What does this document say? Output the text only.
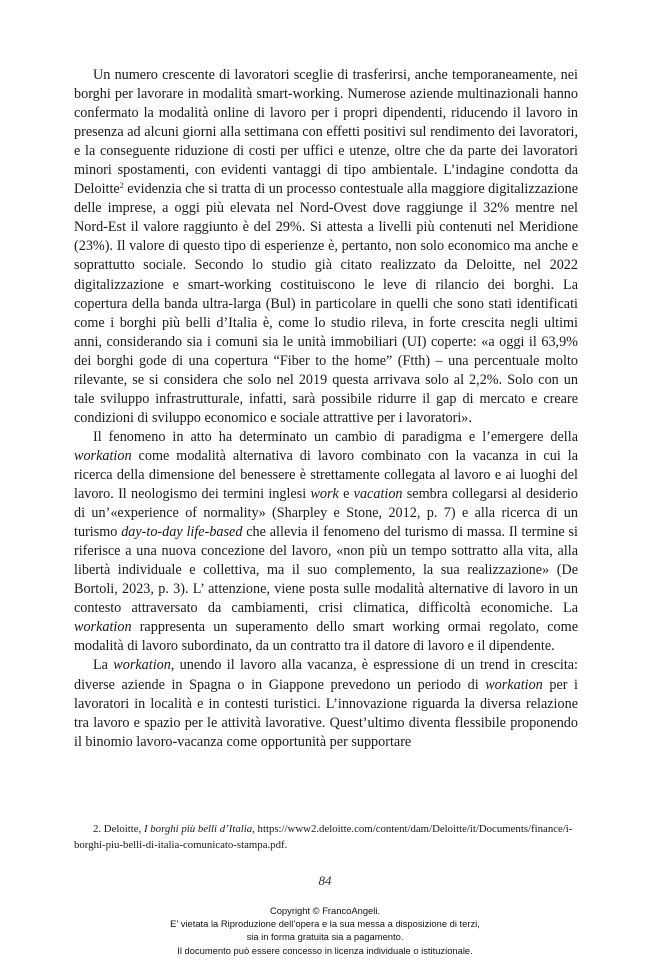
Un numero crescente di lavoratori sceglie di trasferirsi, anche temporaneamente, nei borghi per lavorare in modalità smart-working. Numerose aziende multinazionali hanno confermato la modalità online di lavoro per i propri dipendenti, riducendo il lavoro in presenza ad alcuni giorni alla settimana con effetti positivi sul rendimento dei lavoratori, e la conseguente riduzione di costi per uffici e utenze, oltre che da parte dei lavoratori minori spostamenti, con evidenti vantaggi di tipo ambientale. L’indagine condotta da Deloitte$^2$ evidenzia che si tratta di un processo contestuale alla maggiore digitalizzazione delle imprese, a oggi più elevata nel Nord-Ovest dove raggiunge il 32% mentre nel Nord-Est il valore raggiunto è del 29%. Si attesta a livelli più contenuti nel Meridione (23%). Il valore di questo tipo di esperienze è, pertanto, non solo economico ma anche e soprattutto sociale. Secondo lo studio già citato realizzato da Deloitte, nel 2022 digitalizzazione e smart-working costituiscono le leve di rilancio dei borghi. La copertura della banda ultra-larga (Bul) in particolare in quelli che sono stati identificati come i borghi più belli d’Italia è, come lo studio rileva, in forte crescita negli ultimi anni, considerando sia i comuni sia le unità immobiliari (UI) coperte: «a oggi il 63,9% dei borghi gode di una copertura “Fiber to the home” (Ftth) – una percentuale molto rilevante, se si considera che solo nel 2019 questa arrivava solo al 2,2%. Solo con un tale sviluppo infrastrutturale, infatti, sarà possibile ridurre il gap di mercato e creare condizioni di sviluppo economico e sociale attrattive per i lavoratori».

Il fenomeno in atto ha determinato un cambio di paradigma e l’emergere della workation come modalità alternativa di lavoro combinato con la vacanza in cui la ricerca della dimensione del benessere è strettamente collegata al lavoro e ai luoghi del lavoro. Il neologismo dei termini inglesi work e vacation sembra collegarsi al desiderio di un’«experience of normality» (Sharpley e Stone, 2012, p. 7) e alla ricerca di un turismo day-to-day life-based che allevia il fenomeno del turismo di massa. Il termine si riferisce a una nuova concezione del lavoro, «non più un tempo sottratto alla vita, alla libertà individuale e collettiva, ma il suo complemento, la sua realizzazione» (De Bortoli, 2023, p. 3). L’ attenzione, viene posta sulle modalità alternative di lavoro in un contesto attraversato da cambiamenti, crisi climatica, difficoltà economiche. La workation rappresenta un superamento dello smart working ormai regolato, come modalità di lavoro subordinato, da un contratto tra il datore di lavoro e il dipendente.

La workation, unendo il lavoro alla vacanza, è espressione di un trend in crescita: diverse aziende in Spagna o in Giappone prevedono un periodo di workation per i lavoratori in località e in contesti turistici. L’innovazione riguarda la diversa relazione tra lavoro e spazio per le attività lavorative. Quest’ultimo diventa flessibile proponendo il binomio lavoro-vacanza come opportunità per supportare

2. Deloitte, I borghi più belli d’Italia, https://www2.deloitte.com/content/dam/Deloitte/it/Documents/finance/i-borghi-piu-belli-di-italia-comunicato-stampa.pdf.

84
Copyright © FrancoAngeli.
E’ vietata la Riproduzione dell’opera e la sua messa a disposizione di terzi,
sia in forma gratuita sia a pagamento.
Il documento può essere concesso in licenza individuale o istituzionale.
